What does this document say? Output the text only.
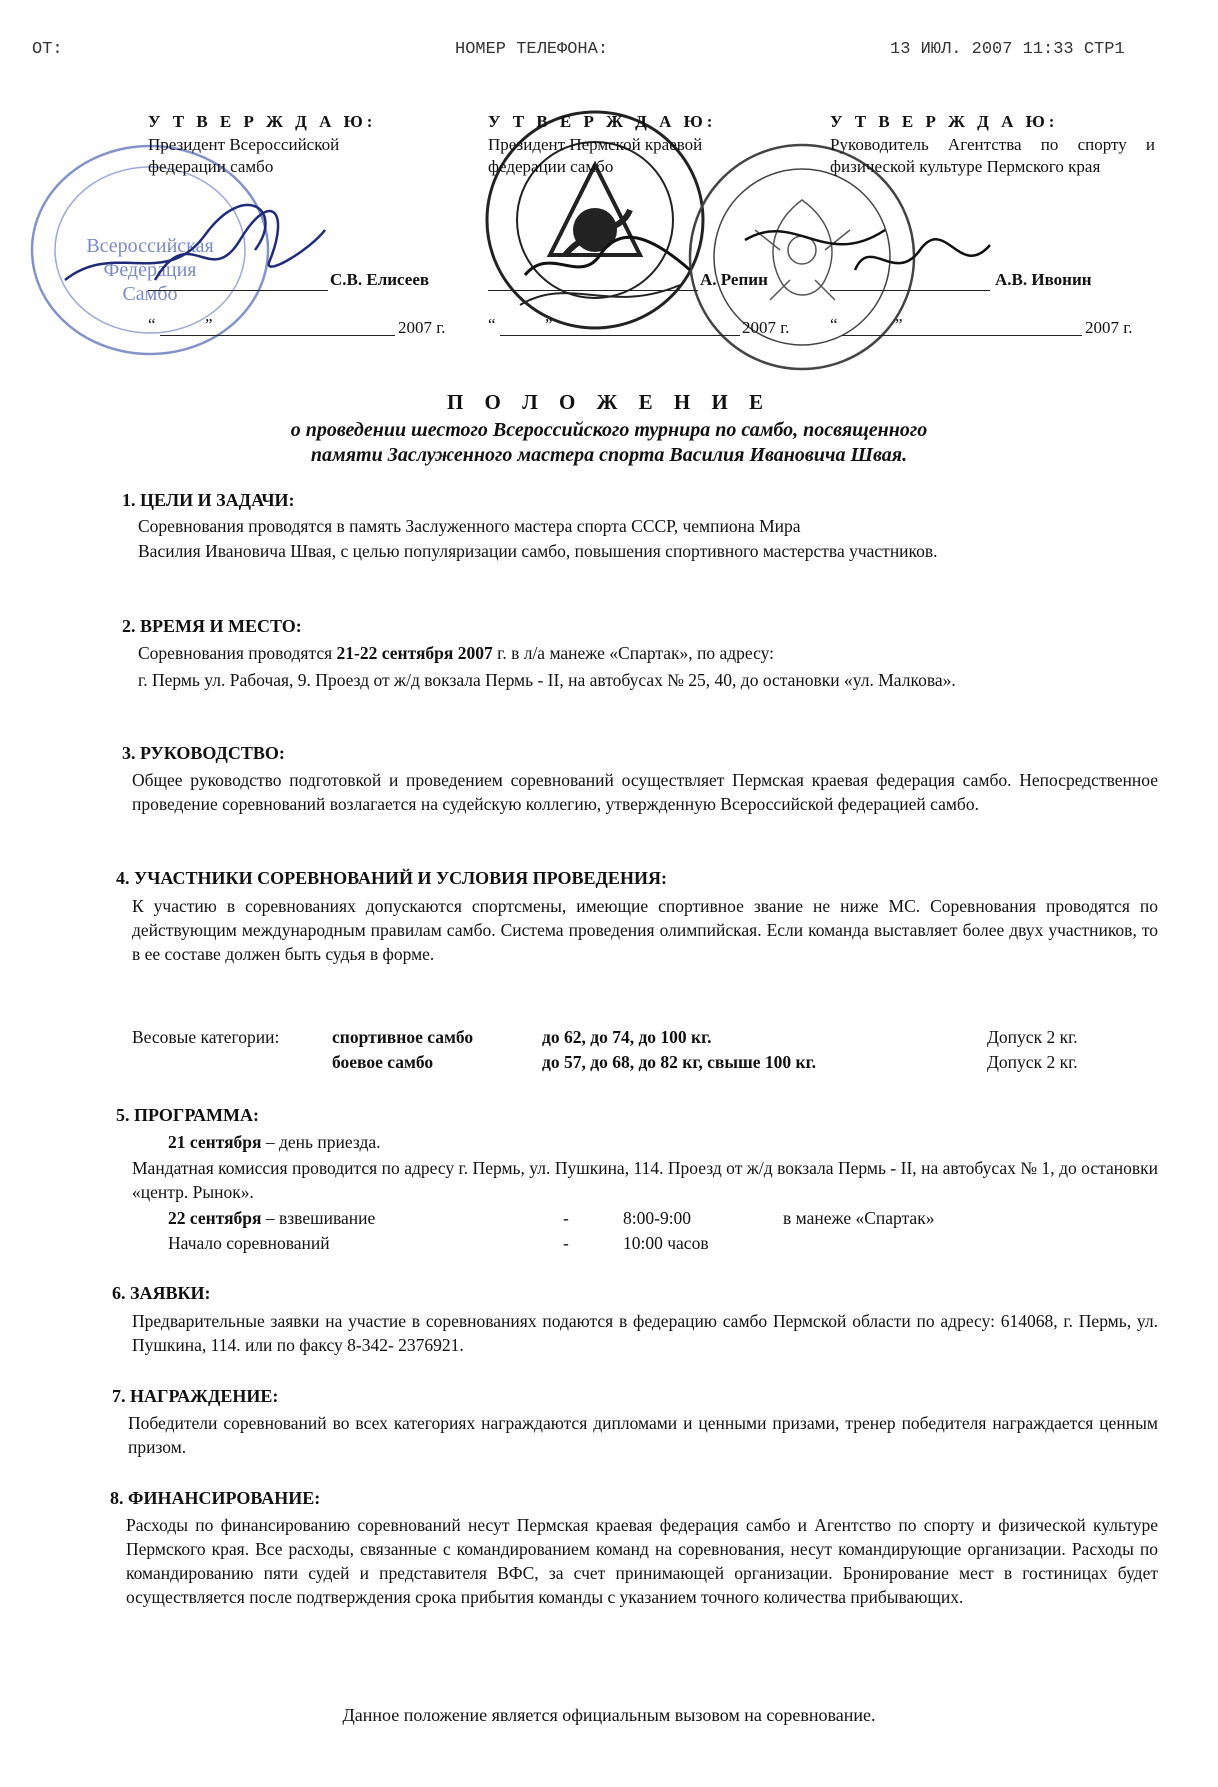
ОТ:	НОМЕР ТЕЛЕФОНА:	13 ИЮЛ. 2007 11:33 СТР1
Всероссийская
Федерация
Самбо
У Т В Е Р Ж Д А Ю:
Президент Всероссийской федерации самбо
У Т В Е Р Ж Д А Ю:
Президент Пермской краевой федерации самбо
У Т В Е Р Ж Д А Ю:
Руководитель Агентства по спорту и физической культуре Пермского края
С.В. Елисеев	А. Репин	А.В. Ивонин
“	”	2007 г. “	”	2007 г. “	”	2007 г.
П О Л О Ж Е Н И Е
о проведении шестого Всероссийского турнира по самбо, посвященного
памяти Заслуженного мастера спорта Василия Ивановича Швая.
1. ЦЕЛИ И ЗАДАЧИ:
Соревнования проводятся в память Заслуженного мастера спорта СССР, чемпиона Мира
Василия Ивановича Швая, с целью популяризации самбо, повышения спортивного мастерства участников.
2. ВРЕМЯ И МЕСТО:
Соревнования проводятся 21-22 сентября 2007 г. в л/а манеже «Спартак», по адресу:
г. Пермь ул. Рабочая, 9. Проезд от ж/д вокзала Пермь - II, на автобусах № 25, 40, до остановки «ул. Малкова».
3. РУКОВОДСТВО:
Общее руководство подготовкой и проведением соревнований осуществляет Пермская краевая федерация самбо. Непосредственное проведение соревнований возлагается на судейскую коллегию, утвержденную Всероссийской федерацией самбо.
4. УЧАСТНИКИ СОРЕВНОВАНИЙ И УСЛОВИЯ ПРОВЕДЕНИЯ:
К участию в соревнованиях допускаются спортсмены, имеющие спортивное звание не ниже МС. Соревнования проводятся по действующим международным правилам самбо. Система проведения олимпийская. Если команда выставляет более двух участников, то в ее составе должен быть судья в форме.
Весовые категории:	спортивное самбо	до 62, до 74, до 100 кг.	Допуск 2 кг.
	боевое самбо	до 57, до 68, до 82 кг, свыше 100 кг.	Допуск 2 кг.
5. ПРОГРАММА:
21 сентября – день приезда.
Мандатная комиссия проводится по адресу г. Пермь, ул. Пушкина, 114. Проезд от ж/д вокзала Пермь - II, на автобусах № 1, до остановки «центр. Рынок».
22 сентября – взвешивание	-	8:00-9:00	в манеже «Спартак»
Начало соревнований	-	10:00 часов	
6. ЗАЯВКИ:
Предварительные заявки на участие в соревнованиях подаются в федерацию самбо Пермской области по адресу: 614068, г. Пермь, ул. Пушкина, 114. или по факсу 8-342- 2376921.
7. НАГРАЖДЕНИЕ:
Победители соревнований во всех категориях награждаются дипломами и ценными призами, тренер победителя награждается ценным призом.
8. ФИНАНСИРОВАНИЕ:
Расходы по финансированию соревнований несут Пермская краевая федерация самбо и Агентство по спорту и физической культуре Пермского края. Все расходы, связанные с командированием команд на соревнования, несут командирующие организации. Расходы по командированию пяти судей и представителя ВФС, за счет принимающей организации. Бронирование мест в гостиницах будет осуществляется после подтверждения срока прибытия команды с указанием точного количества прибывающих.
Данное положение является официальным вызовом на соревнование.
